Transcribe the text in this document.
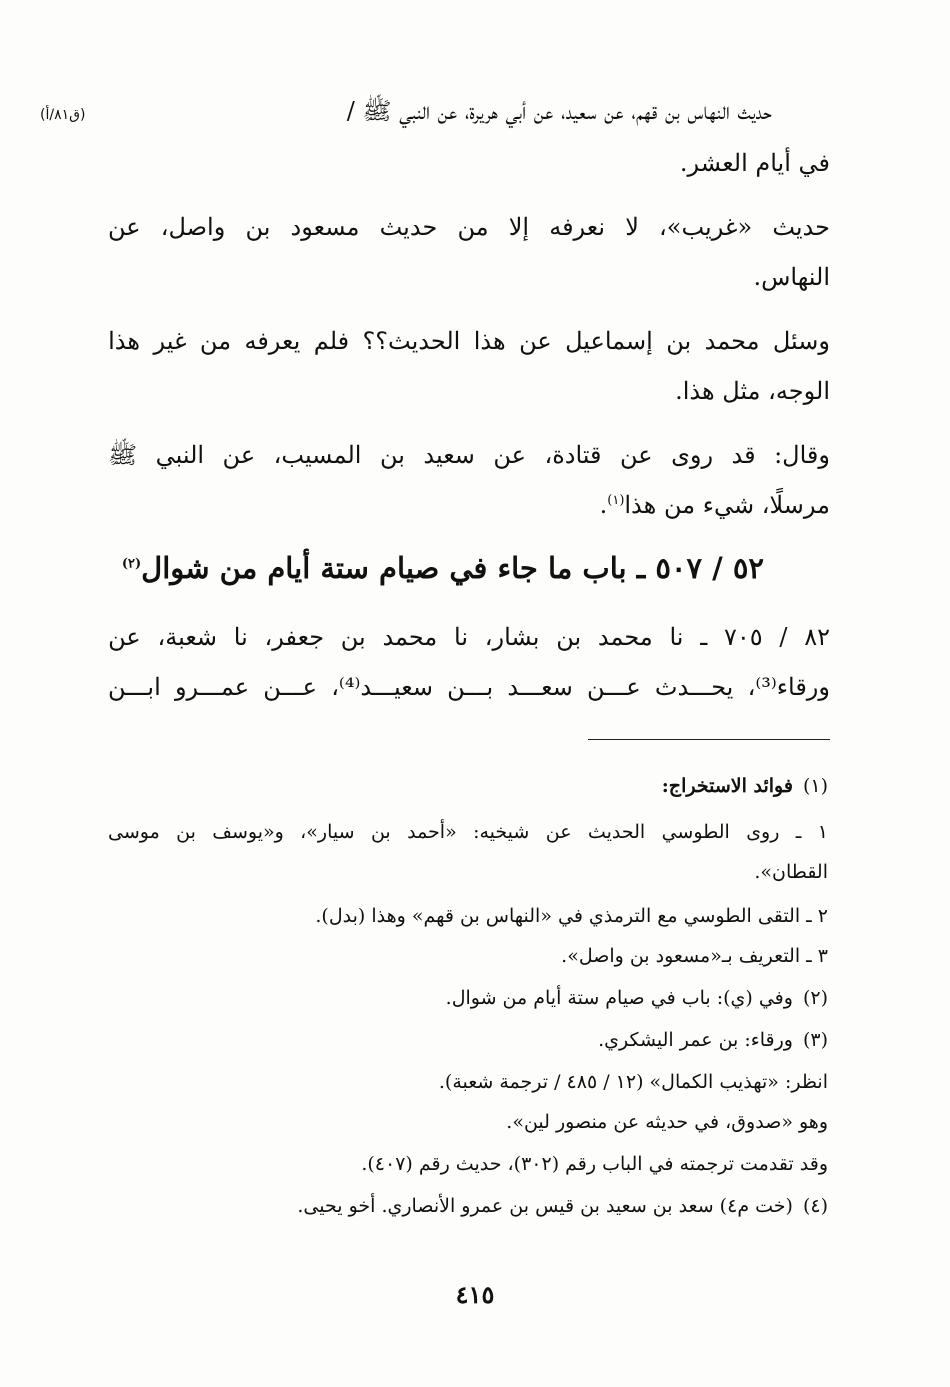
حديث النهاس بن قهم، عن سعيد، عن أبي هريرة، عن النبي ﷺ /
(ق٨١/أ)
في أيام العشر.
حديث
«غريب»،
لا
نعرفه
إلا
من
حديث
مسعود
بن
واصل،
عن
النهاس.
وسئل
محمد
بن
إسماعيل
عن
هذا
الحديث؟؟
فلم
يعرفه
من
غير
هذا
الوجه، مثل هذا.
وقال:
قد
روى
عن
قتادة،
عن
سعيد
بن
المسيب،
عن
النبي
ﷺ
مرسلًا، شيء من هذا$^{(١)}$.
٥٢ / ٥٠٧ ـ باب ما جاء في صيام ستة أيام من شوال$^{(٢)}$
٨٢
/
٧٠٥
ـ
نا
محمد
بن
بشار،
نا
محمد
بن
جعفر،
نا
شعبة،
عن
ورقاء⁽³⁾،
يحـــدث
عـــن
سعـــد
بـــن
سعيـــد⁽⁴⁾،
عـــن
عمـــرو
ابـــن
(١)فوائد الاستخراج:
١ ـ روى الطوسي الحديث عن شيخيه: «أحمد بن سيار»، و«يوسف بن موسى
القطان».
٢ ـ التقى الطوسي مع الترمذي في «النهاس بن قهم» وهذا (بدل).
٣ ـ التعريف بـ«مسعود بن واصل».
(٢)وفي (ي): باب في صيام ستة أيام من شوال.
(٣)ورقاء: بن عمر اليشكري.
انظر: «تهذيب الكمال» (١٢ / ٤٨٥ / ترجمة شعبة).
وهو «صدوق، في حديثه عن منصور لين».
وقد تقدمت ترجمته في الباب رقم (٣٠٢)، حديث رقم (٤٠٧).
(٤)(خت م٤) سعد بن سعيد بن قيس بن عمرو الأنصاري. أخو يحيى.
٤١٥
